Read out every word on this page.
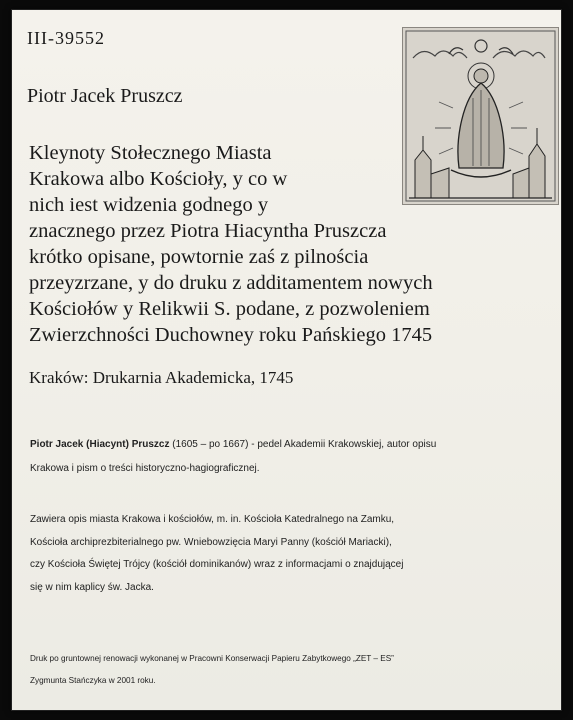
III-39552
Piotr Jacek Pruszcz
Kleynoty Stołecznego Miasta
Krakowa albo Kościoły, y co w
nich iest widzenia godnego y
znacznego przez Piotra Hiacyntha Pruszcza
krótko opisane, powtornie zaś z pilnościa
przeyzrzane, y do druku z additamentem nowych
Kościołów y Relikwii S. podane, z pozwoleniem
Zwierzchności Duchowney roku Pańskiego 1745
Kraków: Drukarnia Akademicka, 1745
Piotr Jacek (Hiacynt) Pruszcz (1605 – po 1667) - pedel Akademii Krakowskiej, autor opisu
Krakowa i pism o treści historyczno-hagiograficznej.
Zawiera opis miasta Krakowa i kościołów, m. in. Kościoła Katedralnego na Zamku,
Kościoła archiprezbiterialnego pw. Wniebowzięcia Maryi Panny (kościół Mariacki),
czy Kościoła Świętej Trójcy (kościół dominikanów) wraz z informacjami o znajdującej
się w nim kaplicy św. Jacka.
Druk po gruntownej renowacji wykonanej w Pracowni Konserwacji Papieru Zabytkowego „ZET – ES”
Zygmunta Stańczyka w 2001 roku.
